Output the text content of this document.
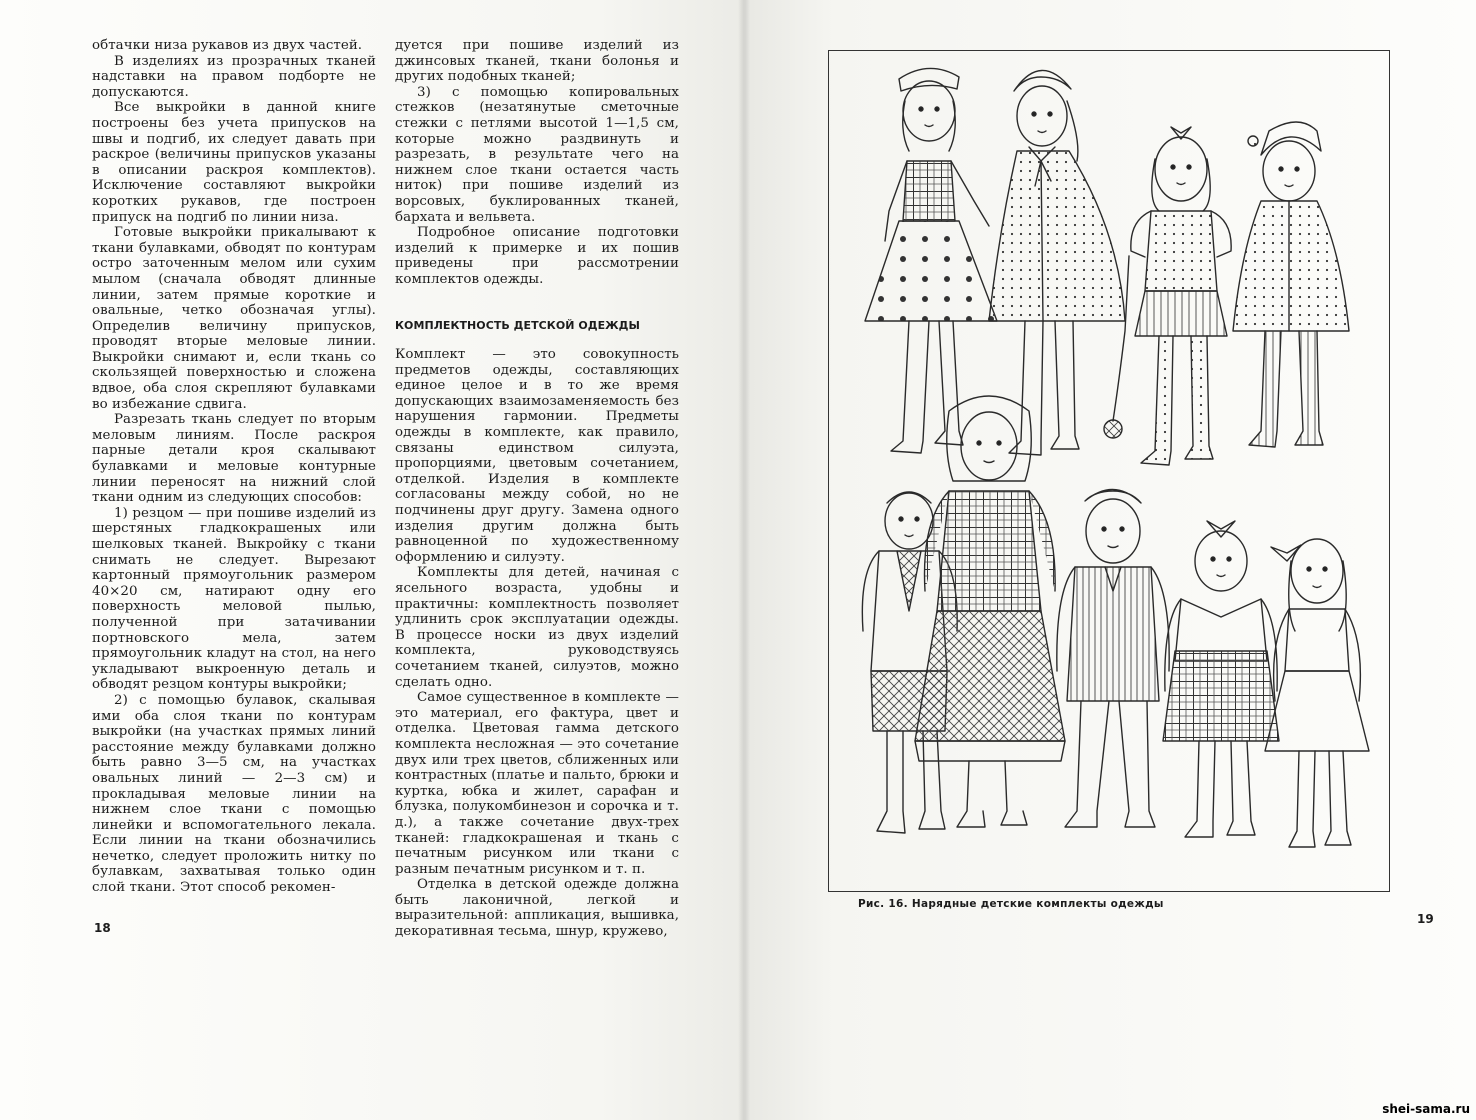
обтачки низа рукавов из двух частей.

В изделиях из прозрачных тканей надставки на правом подборте не допускаются.

Все выкройки в данной книге построены без учета припусков на швы и подгиб, их следует давать при раскрое (величины припусков указаны в описании раскроя комплектов). Исключение составляют выкройки коротких рукавов, где построен припуск на подгиб по линии низа.

Готовые выкройки прикалывают к ткани булавками, обводят по контурам остро заточенным мелом или сухим мылом (сначала обводят длинные линии, затем прямые короткие и овальные, четко обозначая углы). Определив величину припусков, проводят вторые меловые линии. Выкройки снимают и, если ткань со скользящей поверхностью и сложена вдвое, оба слоя скрепляют булавками во избежание сдвига.

Разрезать ткань следует по вторым меловым линиям. После раскроя парные детали кроя скалывают булавками и меловые контурные линии переносят на нижний слой ткани одним из следующих способов:

1) резцом — при пошиве изделий из шерстяных гладкокрашеных или шелковых тканей. Выкройку с ткани снимать не следует. Вырезают картонный прямоугольник размером 40×20 см, натирают одну его поверхность меловой пылью, полученной при затачивании портновского мела, затем прямоугольник кладут на стол, на него укладывают выкроенную деталь и обводят резцом контуры выкройки;

2) с помощью булавок, скалывая ими оба слоя ткани по контурам выкройки (на участках прямых линий расстояние между булавками должно быть равно 3—5 см, на участках овальных линий — 2—3 см) и прокладывая меловые линии на нижнем слое ткани с помощью линейки и вспомогательного лекала. Если линии на ткани обозначились нечетко, следует проложить нитку по булавкам, захватывая только один слой ткани. Этот способ рекомен-

дуется при пошиве изделий из джинсовых тканей, ткани болонья и других подобных тканей;

3) с помощью копировальных стежков (незатянутые сметочные стежки с петлями высотой 1—1,5 см, которые можно раздвинуть и разрезать, в результате чего на нижнем слое ткани остается часть ниток) при пошиве изделий из ворсовых, буклированных тканей, бархата и вельвета.

Подробное описание подготовки изделий к примерке и их пошив приведены при рассмотрении комплектов одежды.

КОМПЛЕКТНОСТЬ ДЕТСКОЙ ОДЕЖДЫ

Комплект — это совокупность предметов одежды, составляющих единое целое и в то же время допускающих взаимозаменяемость без нарушения гармонии. Предметы одежды в комплекте, как правило, связаны единством силуэта, пропорциями, цветовым сочетанием, отделкой. Изделия в комплекте согласованы между собой, но не подчинены друг другу. Замена одного изделия другим должна быть равноценной по художественному оформлению и силуэту.

Комплекты для детей, начиная с ясельного возраста, удобны и практичны: комплектность позволяет удлинить срок эксплуатации одежды. В процессе носки из двух изделий комплекта, руководствуясь сочетанием тканей, силуэтов, можно сделать одно.

Самое существенное в комплекте — это материал, его фактура, цвет и отделка. Цветовая гамма детского комплекта несложная — это сочетание двух или трех цветов, сближенных или контрастных (платье и пальто, брюки и куртка, юбка и жилет, сарафан и блузка, полукомбинезон и сорочка и т. д.), а также сочетание двух-трех тканей: гладкокрашеная и ткань с печатным рисунком или ткани с разным печатным рисунком и т. п.

Отделка в детской одежде должна быть лаконичной, легкой и выразительной: аппликация, вышивка, декоративная тесьма, шнур, кружево,

18
Рис. 16. Нарядные детские комплекты одежды
19
shei-sama.ru
